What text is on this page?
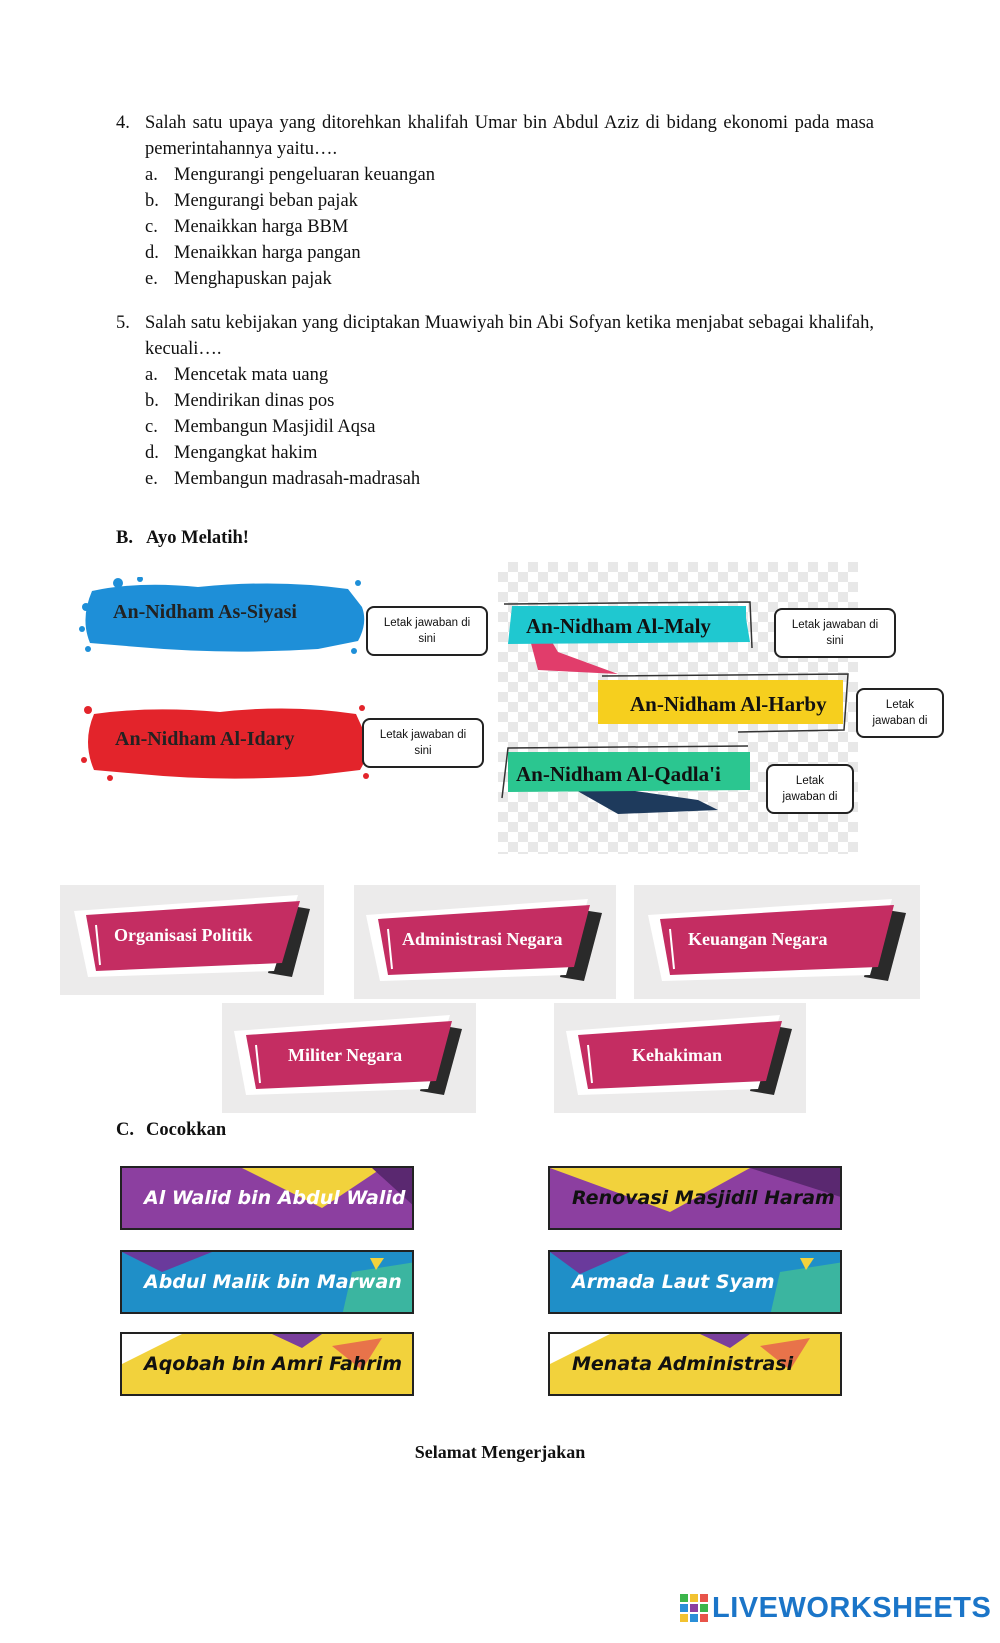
4. Salah satu upaya yang ditorehkan khalifah Umar bin Abdul Aziz di bidang ekonomi pada masa pemerintahannya yaitu….
a. Mengurangi pengeluaran keuangan
b. Mengurangi beban pajak
c. Menaikkan harga BBM
d. Menaikkan harga pangan
e. Menghapuskan pajak
5. Salah satu kebijakan yang diciptakan Muawiyah bin Abi Sofyan ketika menjabat sebagai khalifah, kecuali….
a. Mencetak mata uang
b. Mendirikan dinas pos
c. Membangun Masjidil Aqsa
d. Mengangkat hakim
e. Membangun madrasah-madrasah
B. Ayo Melatih!
An-Nidham As-Siyasi	Letak jawaban di sini
An-Nidham Al-Idary	Letak jawaban di sini
An-Nidham Al-Maly	Letak jawaban di sini
An-Nidham Al-Harby	Letak jawaban di
An-Nidham Al-Qadla'i	Letak jawaban di
Organisasi Politik	Administrasi Negara	Keuangan Negara
Militer Negara	Kehakiman
C. Cocokkan
Al Walid bin Abdul Walid
Abdul Malik bin Marwan
Aqobah bin Amri Fahrim
Renovasi Masjidil Haram
Armada Laut Syam
Menata Administrasi
Selamat Mengerjakan
LIVEWORKSHEETS
